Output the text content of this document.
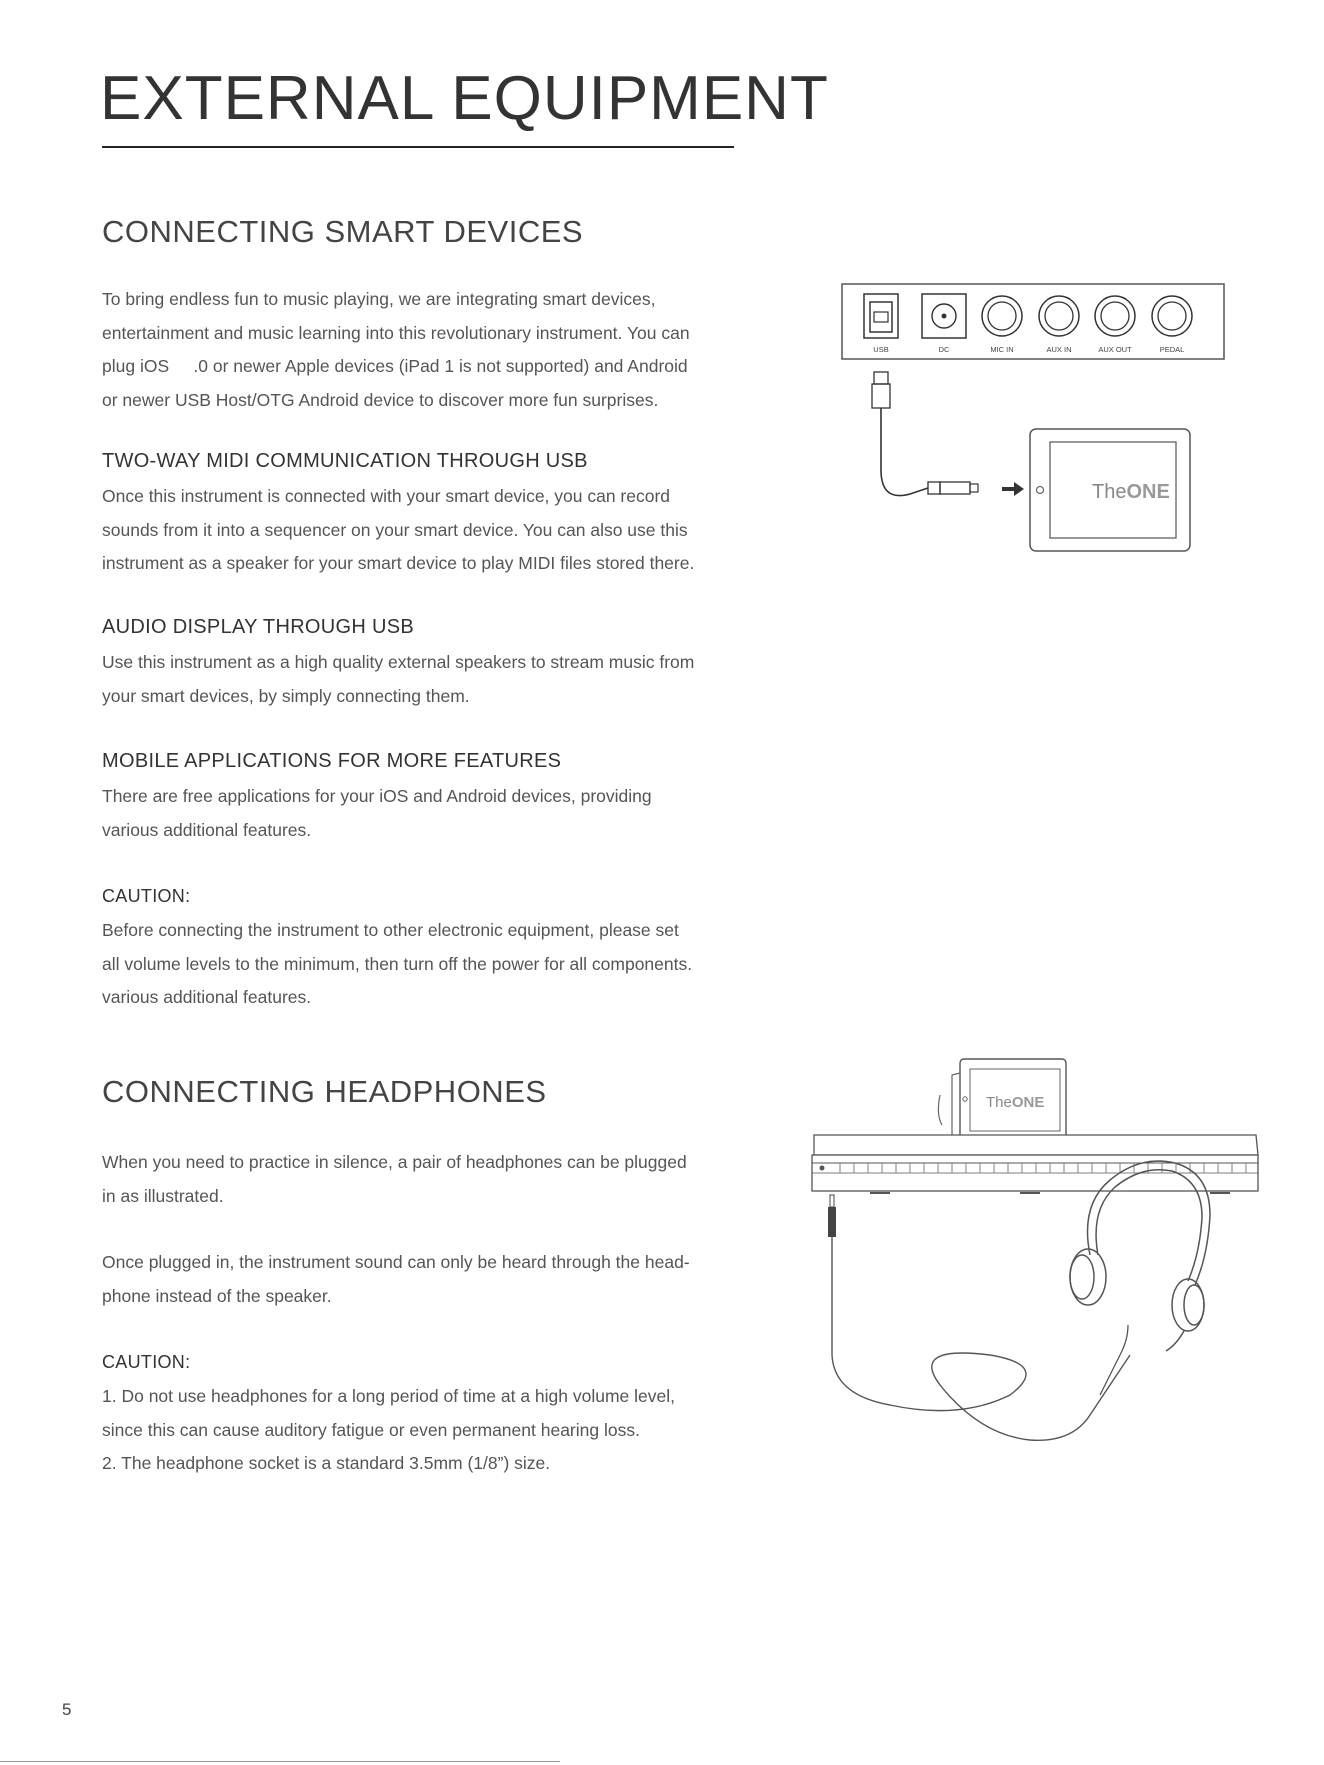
EXTERNAL EQUIPMENT
CONNECTING SMART DEVICES

To bring endless fun to music playing, we are integrating smart devices,

entertainment and music learning into this revolutionary instrument. You can

plug iOS     .0 or newer Apple devices (iPad 1 is not supported) and Android

or newer USB Host/OTG Android device to discover more fun surprises.

TWO-WAY MIDI COMMUNICATION THROUGH USB

Once this instrument is connected with your smart device, you can record

sounds from it into a sequencer on your smart device. You can also use this

instrument as a speaker for your smart device to play MIDI files stored there.

AUDIO DISPLAY THROUGH USB

Use this instrument as a high quality external speakers to stream music from

your smart devices, by simply connecting them.

MOBILE APPLICATIONS FOR MORE FEATURES

There are free applications for your iOS and Android devices, providing

various additional features.

CAUTION:

Before connecting the instrument to other electronic equipment, please set

all volume levels to the minimum, then turn off the power for all components.

various additional features.

CONNECTING HEADPHONES

When you need to practice in silence, a pair of headphones can be plugged

in as illustrated.

Once plugged in, the instrument sound can only be heard through the head-

phone instead of the speaker.

CAUTION:

1. Do not use headphones for a long period of time at a high volume level,

since this can cause auditory fatigue or even permanent hearing loss.

2. The headphone socket is a standard 3.5mm (1/8”) size.

USB	DC	MIC IN	AUX IN	AUX OUT	PEDAL
TheONE
TheONE
5
